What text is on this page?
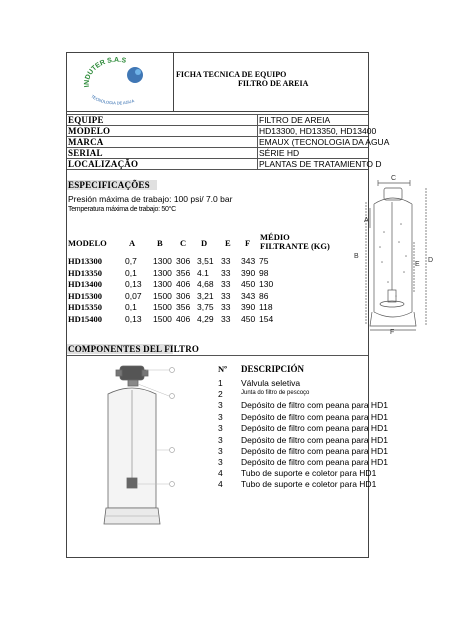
INDUTER S.A.S
TECNOLOGIA DE AGUA
FICHA TECNICA DE EQUIPO
FILTRO DE AREIA
EQUIPE	FILTRO DE AREIA
MODELO	HD13300, HD13350, HD13400
MARCA	EMAUX (TECNOLOGIA DA AGUA
SERIAL	SÉRIE HD
LOCALIZAÇÃO	PLANTAS DE TRATAMIENTO D
ESPECIFICAÇÕES
Presión máxima de trabajo: 100 psi/ 7.0 bar
Temperatura máxima de trabajo: 50°C
MODELO	A	B C D E F
MÉDIO
FILTRANTE (KG)
HD13300	0,7 1300 306 3,51 33 343 75
HD13350	0,1 1300 356 4.1 33 390 98
HD13400	0,13 1300 406 4,68 33 450 130
HD15300	0,07 1500 306 3,21 33 343 86
HD15350	0,1 1500 356 3,75 33 390 118
HD15400	0,13 1500 406 4,29 33 450 154
C
A
B
E
D
F
COMPONENTES DEL FILTRO
Nº DESCRIPCIÓN
1 Válvula seletiva
2	Junta do filtro de pescoço
3 Depósito de filtro com peana para HD1
3 Depósito de filtro com peana para HD1
3 Depósito de filtro com peana para HD1
3 Depósito de filtro com peana para HD1
3 Depósito de filtro com peana para HD1
3 Depósito de filtro com peana para HD1
4 Tubo de suporte e coletor para HD1
4 Tubo de suporte e coletor para HD1
